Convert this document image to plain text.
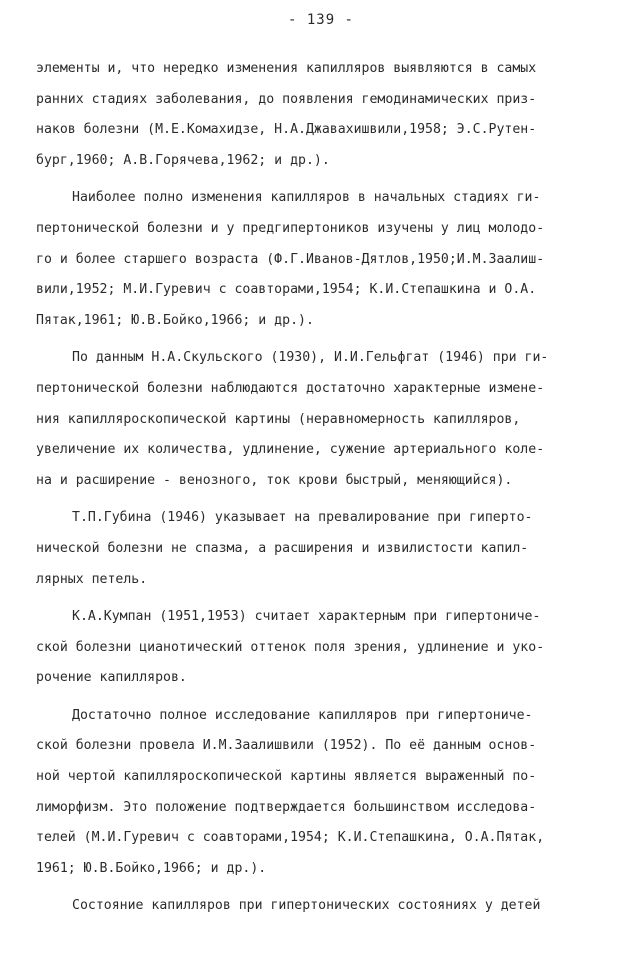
- 139 -
элементы и, что нередко изменения капилляров выявляются в самых
ранних стадиях заболевания, до появления гемодинамических приз-
наков болезни (М.Е.Комахидзе, Н.А.Джавахишвили,1958; Э.С.Рутен-
бург,1960; А.В.Горячева,1962; и др.).
Наиболее полно изменения капилляров в начальных стадиях ги-
пертонической болезни и у предгипертоников изучены у лиц молодо-
го и более старшего возраста (Ф.Г.Иванов-Дятлов,1950;И.М.Заалиш-
вили,1952; М.И.Гуревич с соавторами,1954; К.И.Степашкина и О.А.
Пятак,1961; Ю.В.Бойко,1966; и др.).
По данным Н.А.Скульского (1930), И.И.Гельфгат (1946) при ги-
пертонической болезни наблюдаются достаточно характерные измене-
ния капилляроскопической картины (неравномерность капилляров,
увеличение их количества, удлинение, сужение артериального коле-
на и расширение - венозного, ток крови быстрый, меняющийся).
Т.П.Губина (1946) указывает на превалирование при гиперто-
нической болезни не спазма, а расширения и извилистости капил-
лярных петель.
К.А.Кумпан (1951,1953) считает характерным при гипертониче-
ской болезни цианотический оттенок поля зрения, удлинение и уко-
рочение капилляров.
Достаточно полное исследование капилляров при гипертониче-
ской болезни провела И.М.Заалишвили (1952). По её данным основ-
ной чертой капилляроскопической картины является выраженный по-
лиморфизм. Это положение подтверждается большинством исследова-
телей (М.И.Гуревич с соавторами,1954; К.И.Степашкина, О.А.Пятак,
1961; Ю.В.Бойко,1966; и др.).
Состояние капилляров при гипертонических состояниях у детей
